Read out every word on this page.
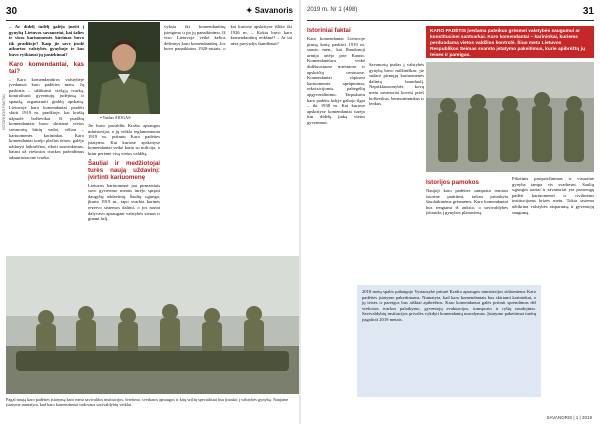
30	✦ Savanoris
ISTORIJOS FAKTAI

– Ar didelį indėlį galėjo įnešti į gynybą Lietuvos savanoriai, kai šalies ir visos kariuomenės kūrimas buvo tik pradžioje? Kaip jie save įrodė atkurtos valstybės gynyboje ir kas buvo ryškiausi jų pasiekimai?

Karo komendantai, kas tai?

– Karo komendantūros valstybėje įvedamos karo padėties metu. Jų paskirtis – užtikrinti viešąją tvarką, kontroliuoti gyventojų judėjimą ir spaudą, organizuoti ginklų apskaitą. Lietuvoje karo komendantai pradėti skirti 1919 m. pradžioje, kai kraštą užpuolė bolševikai. Iš pradžių komendantais buvo skiriami vietos savanorių būrių vadai, vėliau – kariuomenės karininkai. Karo komendantai turėjo plačias teises: galėjo uždaryti laikraščius, riboti susirinkimus, bausti už viešosios tvarkos pažeidimus administracine tvarka.

▪ Vaidas ŠIOGAS

Jie buvo pavaldūs Krašto apsaugos ministerijai, o jų veikla reglamentuota 1919 m. priimtu Karo padėties įstatymu. Kai kuriose apskrityse komendantai veikė kartu su milicija, o kitur perėmė visą vietos valdžią.

Šauliai ir medžiotojai turės naują uždavinį: įvirtinti kariuomenę

Lietuvos kariuomenė jau pirmaisiais savo gyvavimo metais turėjo spręsti daugybę uždavinių. Šaulių sąjunga, įkurta 1919 m., tapo svarbia karinės rezervo sistemos dalimi, o jos nariai dalyvavo apsaugant valstybės sienas ir ginant šalį.

vyksta iki komendantūrų įsteigimo ir po jų panaikinimo. Iš viso Lietuvoje veikė kelios dešimtys karo komendantūrų. Jos buvo panaikintos 1920-aisiais, o kai kuriose apskrityse išliko iki 1926 m. – Kokia buvo karo komendantūrų reikšmė? – Ar tai nėra pavyzdys šiandienai?

Pagal naują karo padėties įstatymą karo metu savivaldos institucijos, švietimo, sveikatos apsaugos ir kitų sričių specialistai bus įtraukti į valstybės gynybą. Naujame įstatyme numatyta, kad karo komendantai vadovaus savivaldybių veiklai.
2019 m. Nr 1 (498)	31
Istoriniai faktai

Karo komendantai Lietuvoje pirmą kartą paskirti 1919 m. sausio mėn., kai Raudonoji armija artėjo prie Kauno. Komendantūros veikė didžiuosiuose miestuose ir apskričių centruose. Komendantai rūpinosi kariuomenės aprūpinimu, rekvizicijomis, pabėgėlių apgyvendinimu. Tarpukariu karo padėtis šalyje galiojo ilgai – iki 1938 m. Kai kuriose apskrityse komendantai turėjo itin didelę įtaką vietos gyvenimui.

KARO PADĖTIS įvedama pateikus grėsmei valstybės saugumui ar konstitucinei santvarkai. Karo komendantai – karininkai, kuriems perduodama vietos valdžios kontrolė. Šiuo metu Lietuvos Respublikos Seimas svarsto įstatymo pakeitimus, kurie apibrėžtų jų teises ir pareigas.

Savanorių įnašas į valstybės gynybą buvo milžiniškas: jie sudarė pirmųjų kariuomenės dalinių branduolį. Nepriklausomybės kovų metu savanoriai kovėsi prieš bolševikus, bermontininkus ir lenkus.

Istorijos pamokos

Naujoji karo padėties samprata remiasi istorine patirtimi, tačiau pritaikyta šiuolaikinėms grėsmėms. Karo komendantai bus rengiami iš anksto, o savivaldybės įsitrauks į gynybos planavimą.

Pilietinis pasipriešinimas ir visuotinė gynyba tampa vis svarbesni. Šaulių sąjungos nariai ir savanoriai yra pasirengę padėti kariuomenei ir civilinėms institucijoms krizės metu. Tokia sistema užtikrina valstybės atsparumą ir gyventojų saugumą.

2018 metų spalio pabaigoje Vyriausybė pritarė Krašto apsaugos ministerijos siūlomiems Karo padėties įstatymo pakeitimams. Numatyta, kad karo komendantais bus skiriami karininkai, o jų teisės ir pareigos bus aiškiai apibrėžtos. Karo komendantai galės priimti sprendimus dėl viešosios tvarkos palaikymo, gyventojų evakuacijos, transporto ir ryšių naudojimo. Savivaldybių institucijos privalės vykdyti komendantų nurodymus. Įstatymo pakeitimai turėtų įsigalioti 2019 metais.
SAVANORIS | 1 | 2019
